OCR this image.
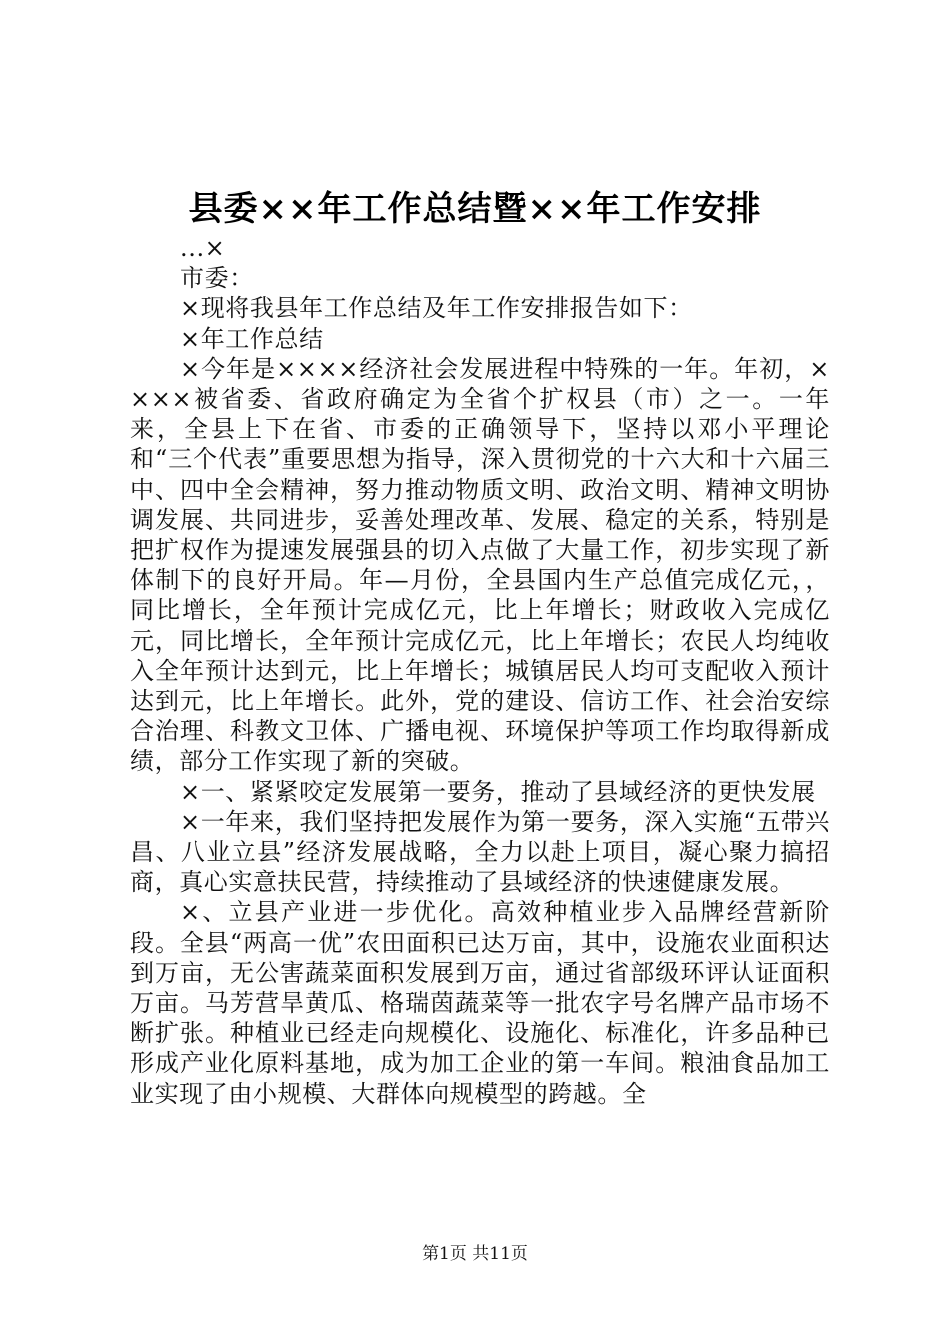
县委××年工作总结暨××年工作安排

...×

市委：

×现将我县年工作总结及年工作安排报告如下：

×年工作总结

×今年是××××经济社会发展进程中特殊的一年。年初，××××被省委、省政府确定为全省个扩权县（市）之一。一年来，全县上下在省、市委的正确领导下，坚持以邓小平理论和“三个代表”重要思想为指导，深入贯彻党的十六大和十六届三中、四中全会精神，努力推动物质文明、政治文明、精神文明协调发展、共同进步，妥善处理改革、发展、稳定的关系，特别是把扩权作为提速发展强县的切入点做了大量工作，初步实现了新体制下的良好开局。年—月份，全县国内生产总值完成亿元，，同比增长，全年预计完成亿元，比上年增长；财政收入完成亿元，同比增长，全年预计完成亿元，比上年增长；农民人均纯收入全年预计达到元，比上年增长；城镇居民人均可支配收入预计达到元，比上年增长。此外，党的建设、信访工作、社会治安综合治理、科教文卫体、广播电视、环境保护等项工作均取得新成绩，部分工作实现了新的突破。

×一、紧紧咬定发展第一要务，推动了县域经济的更快发展

×一年来，我们坚持把发展作为第一要务，深入实施“五带兴昌、八业立县”经济发展战略，全力以赴上项目，凝心聚力搞招商，真心实意扶民营，持续推动了县域经济的快速健康发展。

×、立县产业进一步优化。高效种植业步入品牌经营新阶段。全县“两高一优”农田面积已达万亩，其中，设施农业面积达到万亩，无公害蔬菜面积发展到万亩，通过省部级环评认证面积万亩。马芳营旱黄瓜、格瑞茵蔬菜等一批农字号名牌产品市场不断扩张。种植业已经走向规模化、设施化、标准化，许多品种已形成产业化原料基地，成为加工企业的第一车间。粮油食品加工业实现了由小规模、大群体向规模型的跨越。全

第1页 共11页
